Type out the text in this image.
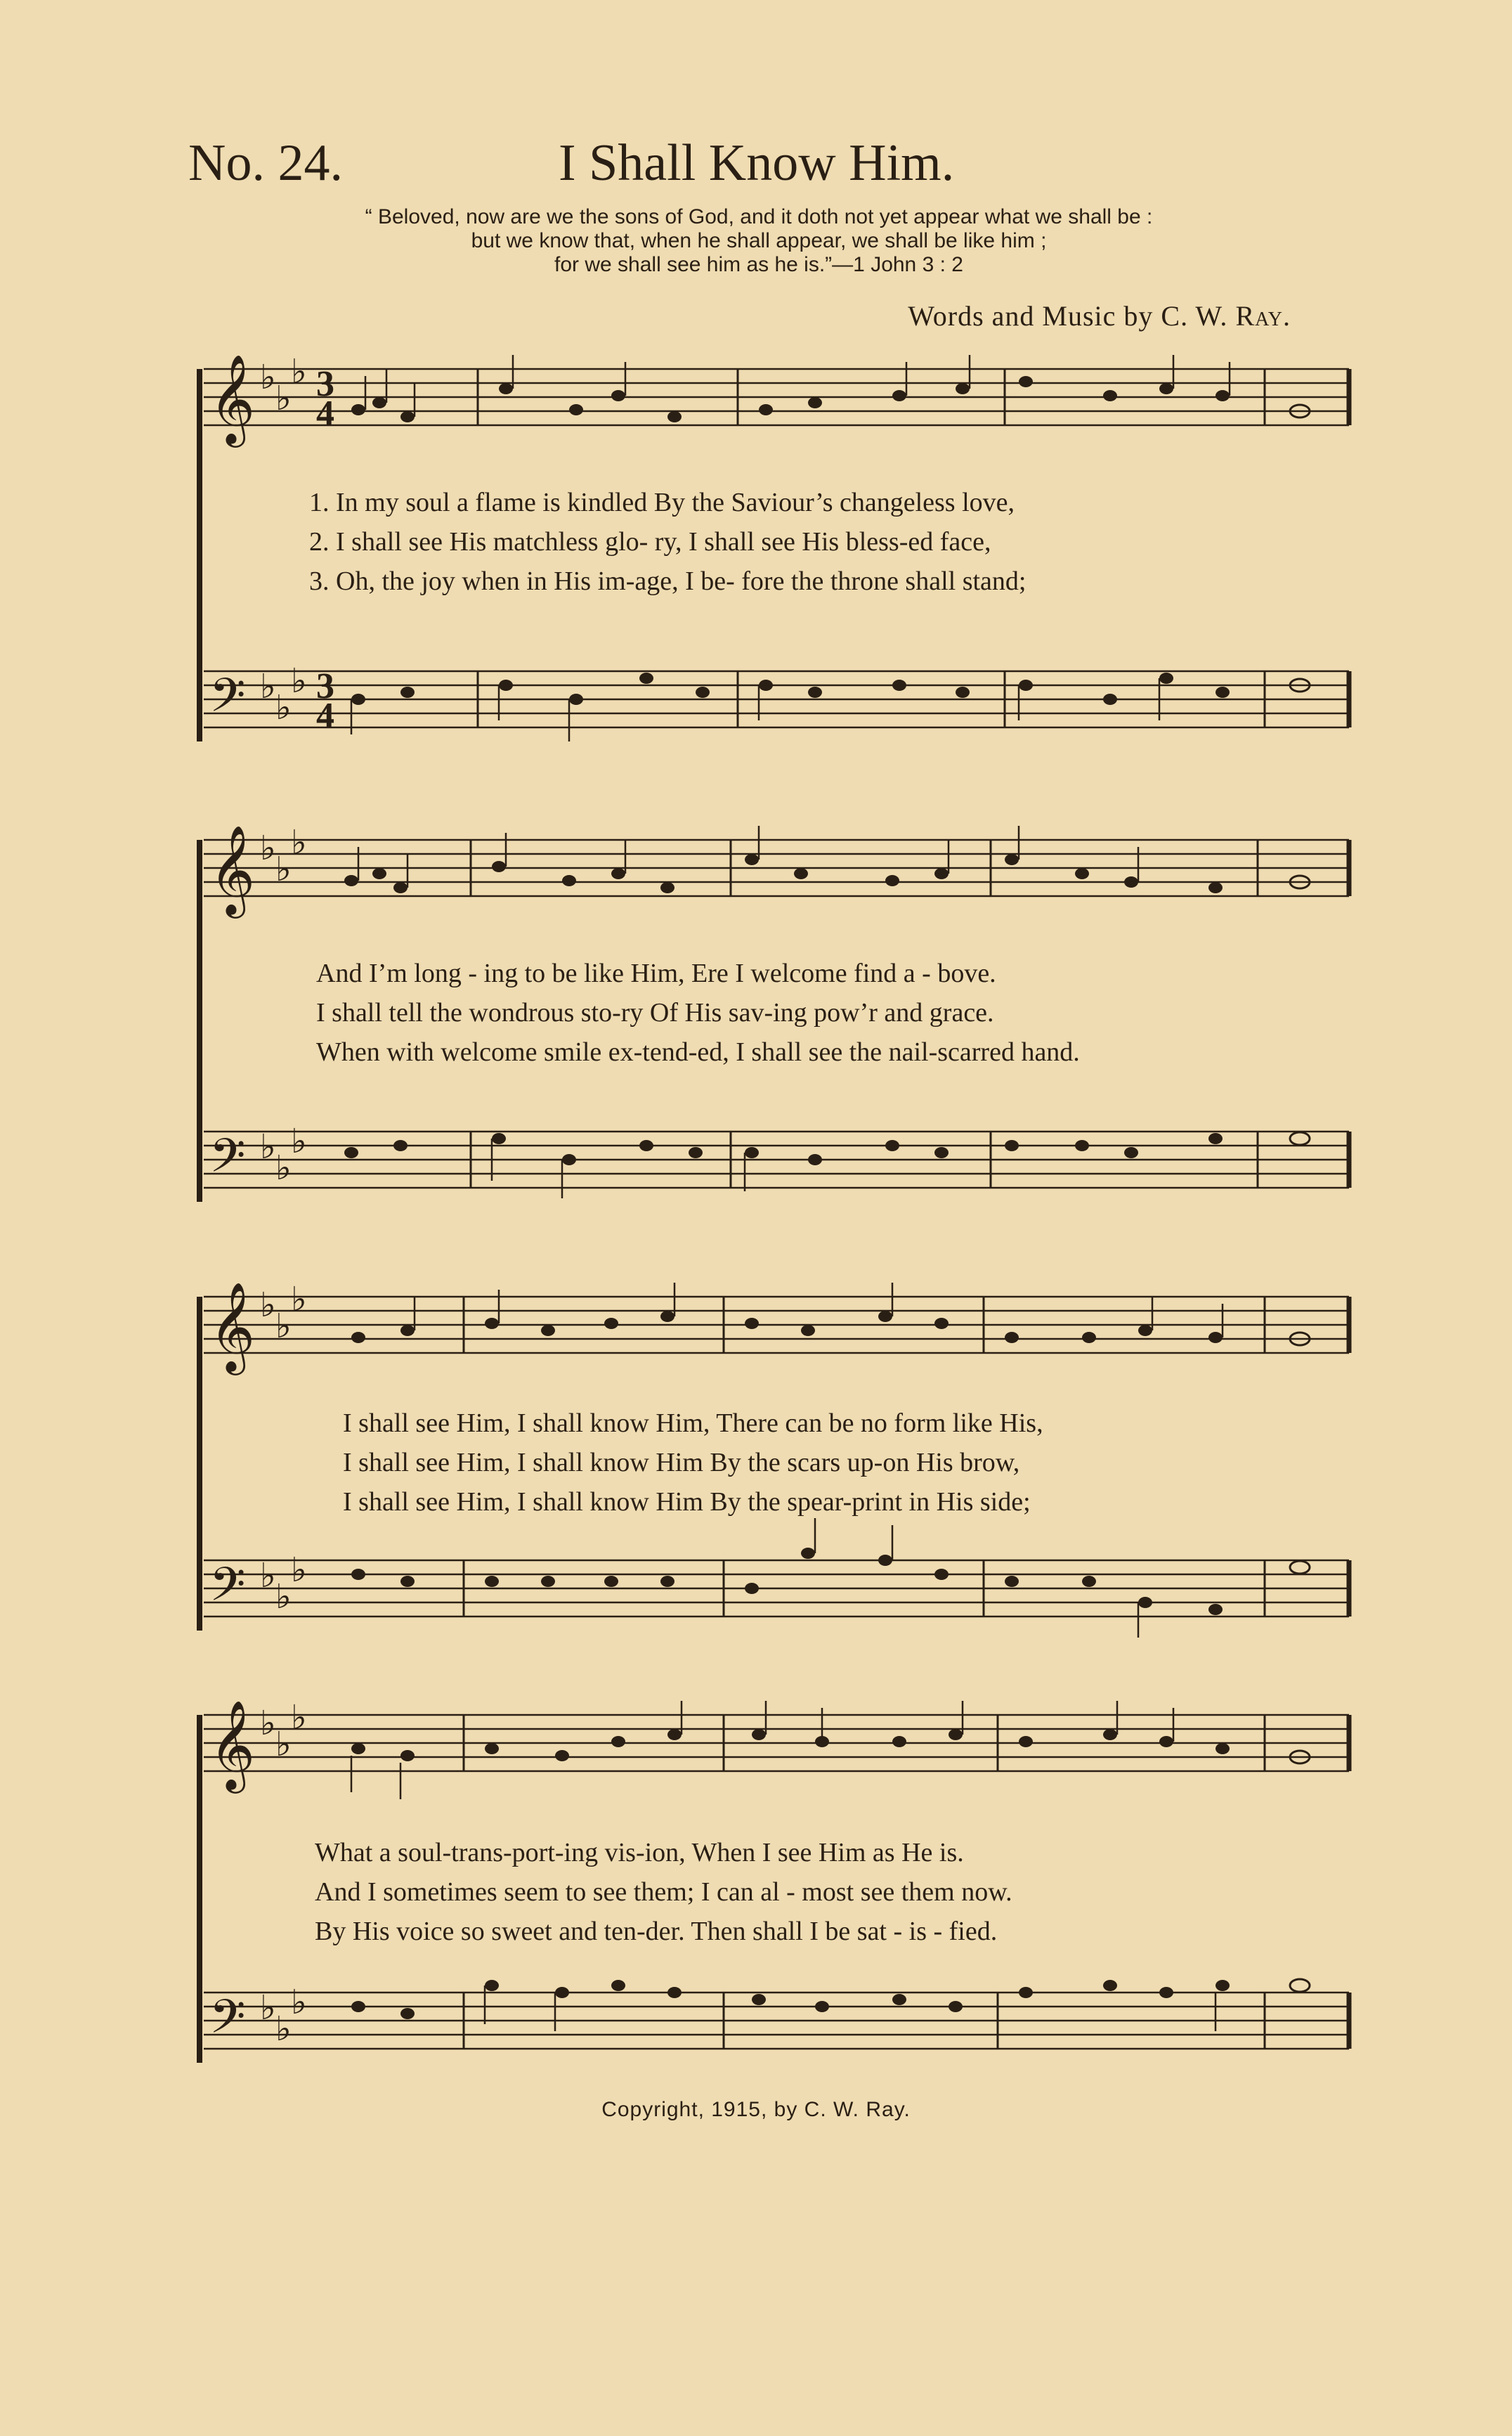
No. 24.	I Shall Know Him.
“ Beloved, now are we the sons of God, and it doth not yet appear what we shall be :
but we know that, when he shall appear, we shall be like him ;
for we shall see him as he is.”—1 John 3 : 2
Words and Music by C. W. Ray.
𝄞
𝄢
♭
♭
♭
♭
♭
♭
3
4
3
4
1. In my soul a flame is kindled By the Saviour’s changeless love,
2. I shall see His matchless glo- ry, I shall see His bless-ed face,
3. Oh, the joy when in His im-age, I be- fore the throne shall stand;
𝄞
𝄢
♭
♭
♭
♭
♭
♭
And I’m long - ing to be like Him, Ere I welcome find a - bove.
I shall tell the wondrous sto-ry Of His sav-ing pow’r and grace.
When with welcome smile ex-tend-ed, I shall see the nail-scarred hand.
𝄞
𝄢
♭
♭
♭
♭
♭
♭
I shall see Him, I shall know Him, There can be no form like His,
I shall see Him, I shall know Him By the scars up-on His brow,
I shall see Him, I shall know Him By the spear-print in His side;
𝄞
𝄢
♭
♭
♭
♭
♭
♭
What a soul-trans-port-ing vis-ion, When I see Him as He is.
And I sometimes seem to see them; I can al - most see them now.
By His voice so sweet and ten-der. Then shall I be sat - is - fied.
Copyright, 1915, by C. W. Ray.
